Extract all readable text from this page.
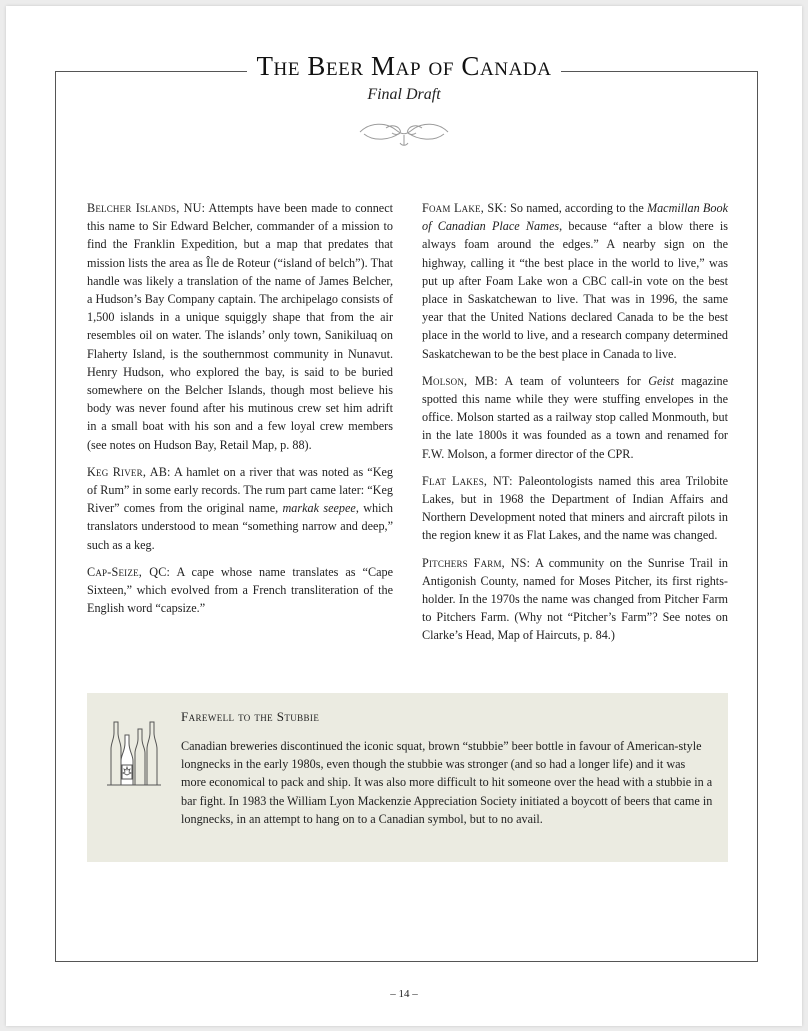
The Beer Map of Canada
Final Draft

Belcher Islands, NU: Attempts have been made to connect this name to Sir Edward Belcher, commander of a mission to find the Franklin Expedition, but a map that predates that mission lists the area as Île de Roteur (“island of belch”). That handle was likely a translation of the name of James Belcher, a Hudson’s Bay Company captain. The archipelago consists of 1,500 islands in a unique squiggly shape that from the air resembles oil on water. The islands’ only town, Sanikiluaq on Flaherty Island, is the southernmost community in Nunavut. Henry Hudson, who explored the bay, is said to be buried somewhere on the Belcher Islands, though most believe his body was never found after his mutinous crew set him adrift in a small boat with his son and a few loyal crew members (see notes on Hudson Bay, Retail Map, p. 88).

Keg River, AB: A hamlet on a river that was noted as “Keg of Rum” in some early records. The rum part came later: “Keg River” comes from the original name, markak seepee, which translators understood to mean “something narrow and deep,” such as a keg.

Cap-Seize, QC: A cape whose name translates as “Cape Sixteen,” which evolved from a French transliteration of the English word “capsize.”

Foam Lake, SK: So named, according to the Macmillan Book of Canadian Place Names, because “after a blow there is always foam around the edges.” A nearby sign on the highway, calling it “the best place in the world to live,” was put up after Foam Lake won a CBC call-in vote on the best place in Saskatchewan to live. That was in 1996, the same year that the United Nations declared Canada to be the best place in the world to live, and a research company determined Saskatchewan to be the best place in Canada to live.

Molson, MB: A team of volunteers for Geist magazine spotted this name while they were stuffing envelopes in the office. Molson started as a railway stop called Monmouth, but in the late 1800s it was founded as a town and renamed for F.W. Molson, a former director of the CPR.

Flat Lakes, NT: Paleontologists named this area Trilobite Lakes, but in 1968 the Department of Indian Affairs and Northern Development noted that miners and aircraft pilots in the region knew it as Flat Lakes, and the name was changed.

Pitchers Farm, NS: A community on the Sunrise Trail in Antigonish County, named for Moses Pitcher, its first rights-holder. In the 1970s the name was changed from Pitcher Farm to Pitchers Farm. (Why not “Pitcher’s Farm”? See notes on Clarke’s Head, Map of Haircuts, p. 84.)

Farewell to the Stubbie

Canadian breweries discontinued the iconic squat, brown “stubbie” beer bottle in favour of American-style longnecks in the early 1980s, even though the stubbie was stronger (and so had a longer life) and it was more economical to pack and ship. It was also more difficult to hit someone over the head with a stubbie in a bar fight. In 1983 the William Lyon Mackenzie Appreciation Society initiated a boycott of beers that came in longnecks, in an attempt to hang on to a Canadian symbol, but to no avail.

– 14 –
